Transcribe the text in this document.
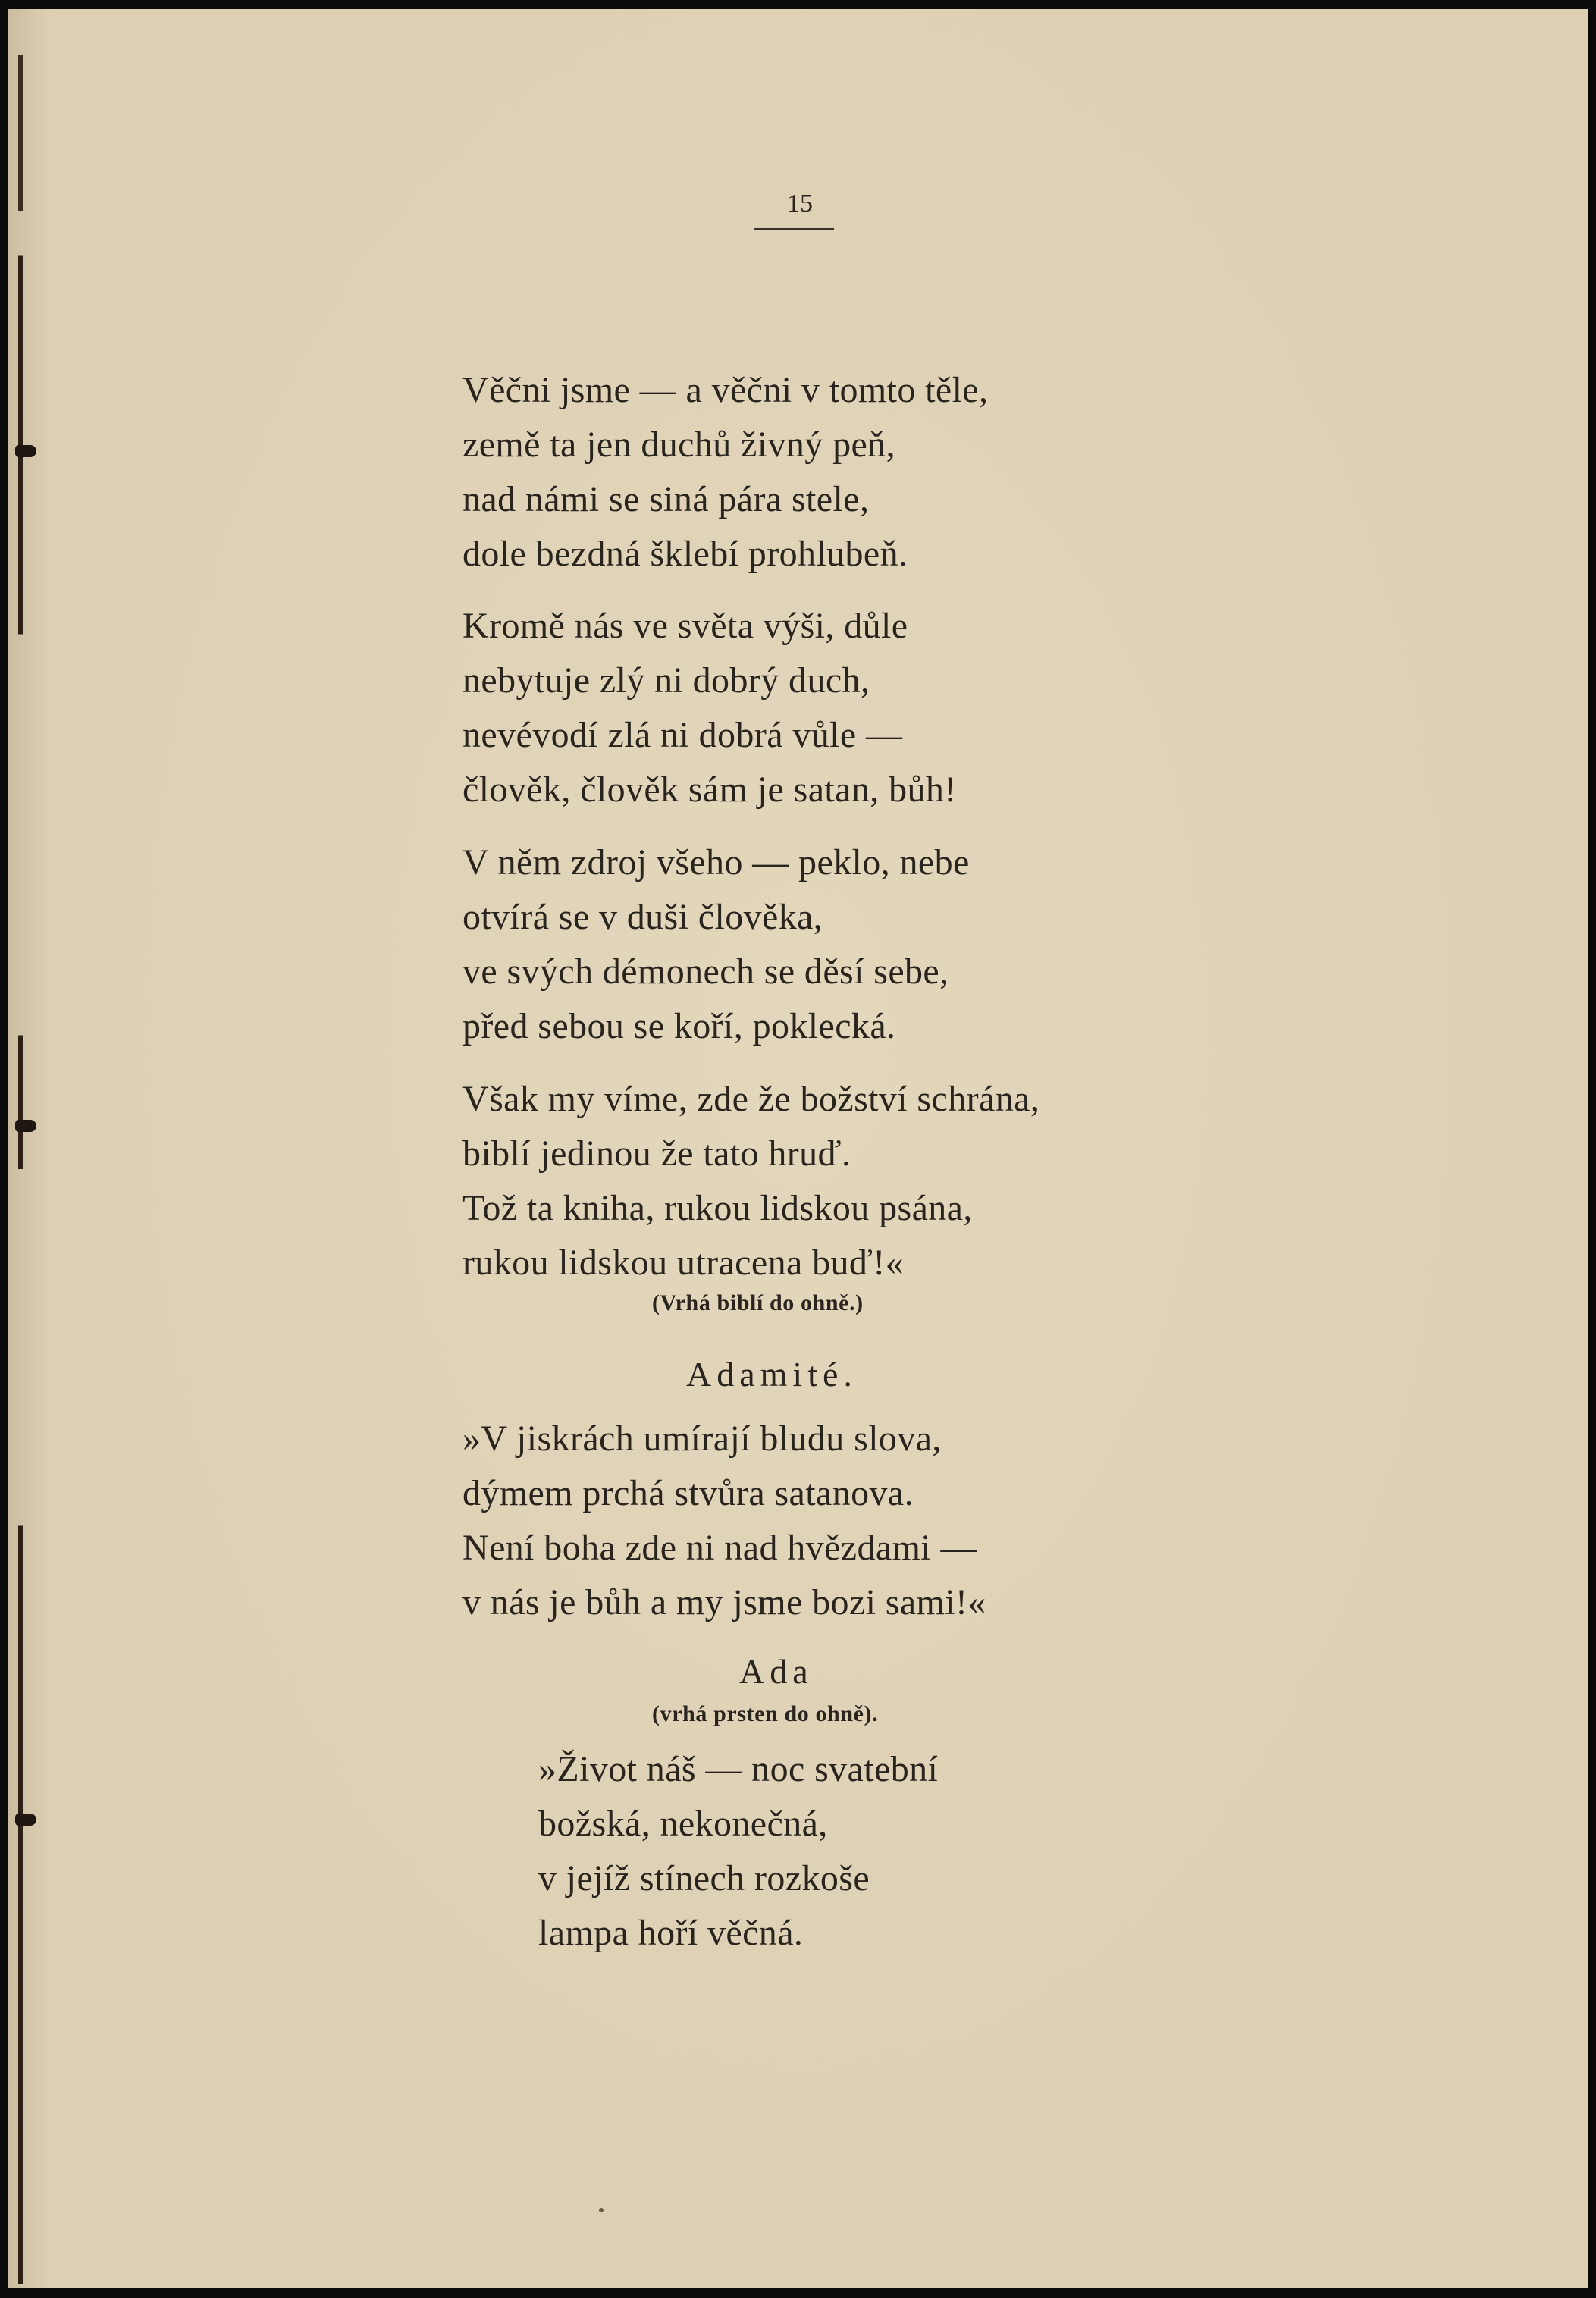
15
Věčni jsme — a věčni v tomto těle,
země ta jen duchů živný peň,
nad námi se siná pára stele,
dole bezdná šklebí prohlubeň.
Kromě nás ve světa výši, důle
nebytuje zlý ni dobrý duch,
nevévodí zlá ni dobrá vůle —
člověk, člověk sám je satan, bůh!
V něm zdroj všeho — peklo, nebe
otvírá se v duši člověka,
ve svých démonech se děsí sebe,
před sebou se koří, poklecká.
Však my víme, zde že božství schrána,
biblí jedinou že tato hruď.
Tož ta kniha, rukou lidskou psána,
rukou lidskou utracena buď!«
(Vrhá biblí do ohně.)
Adamité.
»V jiskrách umírají bludu slova,
dýmem prchá stvůra satanova.
Není boha zde ni nad hvězdami —
v nás je bůh a my jsme bozi sami!«
Ada
(vrhá prsten do ohně).
»Život náš — noc svatební
božská, nekonečná,
v jejíž stínech rozkoše
lampa hoří věčná.
